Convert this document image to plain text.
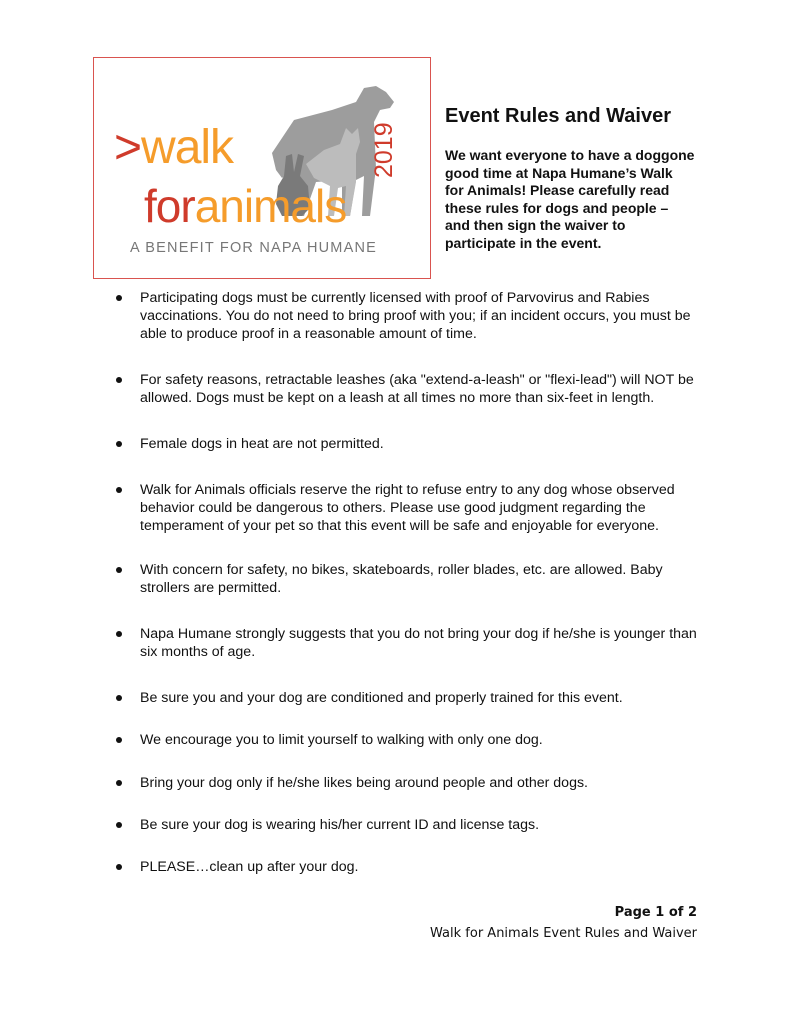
>walk
foranimals
2019
A BENEFIT FOR NAPA HUMANE
Event Rules and Waiver
We want everyone to have a doggone good time at Napa Humane’s Walk for Animals! Please carefully read these rules for dogs and people – and then sign the waiver to participate in the event.
Participating dogs must be currently licensed with proof of Parvovirus and Rabies vaccinations. You do not need to bring proof with you; if an incident occurs, you must be able to produce proof in a reasonable amount of time.
For safety reasons, retractable leashes (aka "extend-a-leash" or "flexi-lead") will NOT be allowed. Dogs must be kept on a leash at all times no more than six-feet in length.
Female dogs in heat are not permitted.
Walk for Animals officials reserve the right to refuse entry to any dog whose observed behavior could be dangerous to others. Please use good judgment regarding the temperament of your pet so that this event will be safe and enjoyable for everyone.
With concern for safety, no bikes, skateboards, roller blades, etc. are allowed. Baby strollers are permitted.
Napa Humane strongly suggests that you do not bring your dog if he/she is younger than six months of age.
Be sure you and your dog are conditioned and properly trained for this event.
We encourage you to limit yourself to walking with only one dog.
Bring your dog only if he/she likes being around people and other dogs.
Be sure your dog is wearing his/her current ID and license tags.
PLEASE…clean up after your dog.
Page 1 of 2
Walk for Animals Event Rules and Waiver
